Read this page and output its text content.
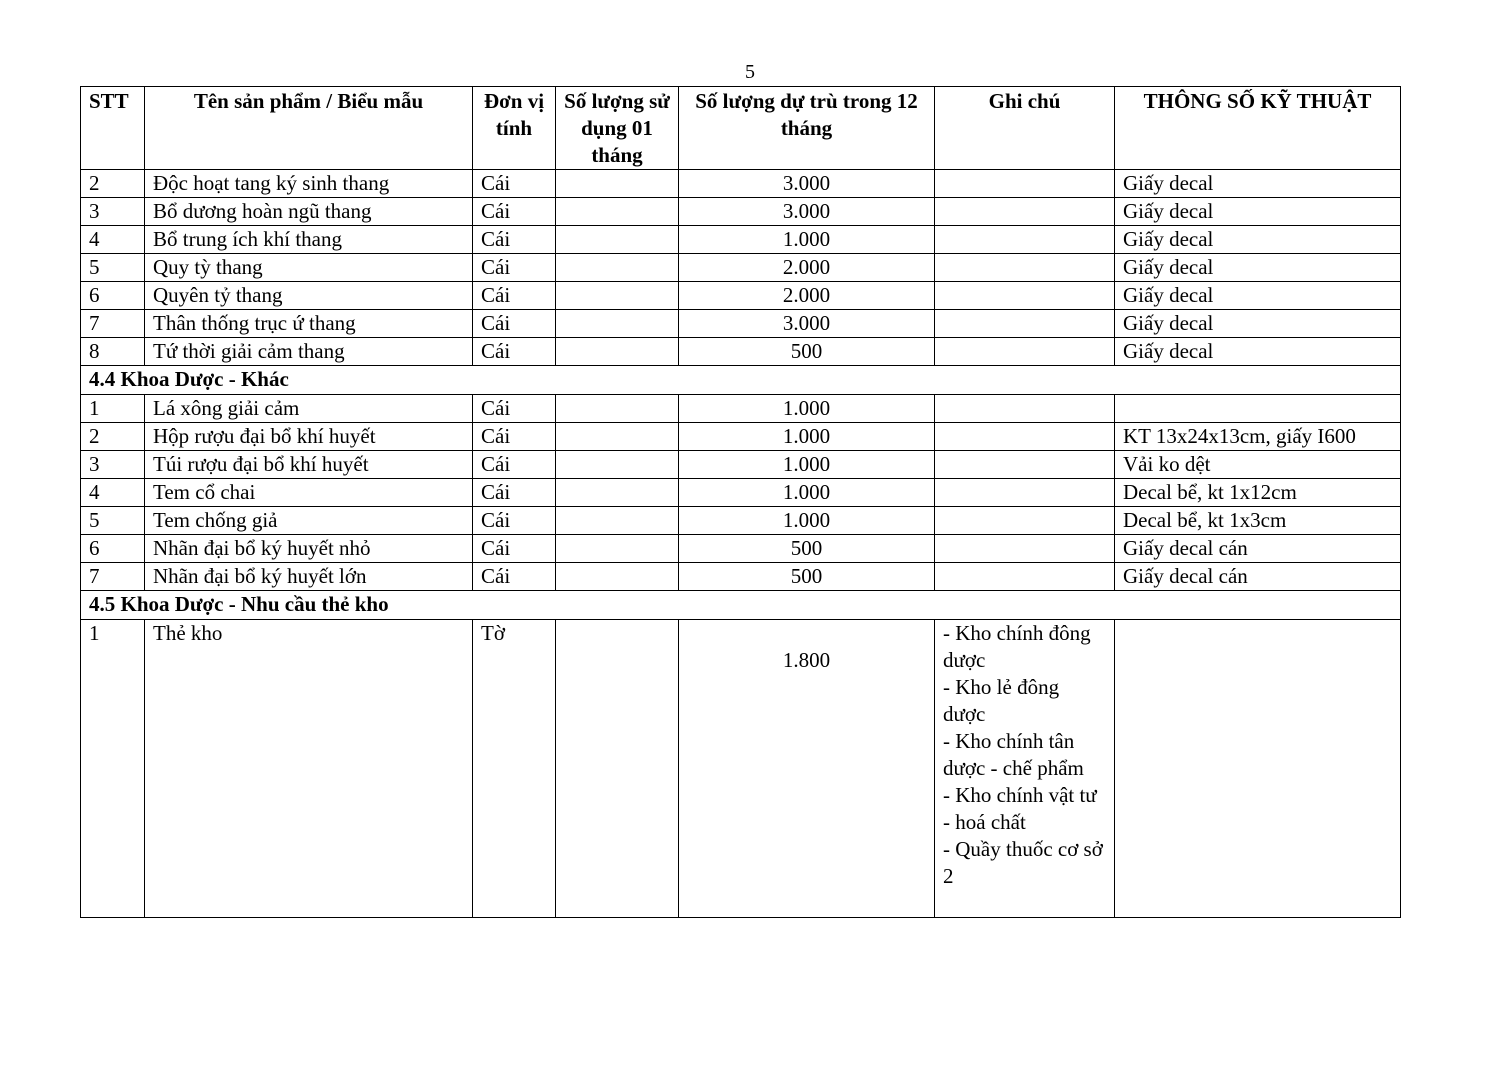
5
STT	Tên sản phẩm / Biểu mẫu	Đơn vị tính	Số lượng sử dụng 01 tháng	Số lượng dự trù trong 12 tháng	Ghi chú	THÔNG SỐ KỸ THUẬT
2	Độc hoạt tang ký sinh thang	Cái		3.000		Giấy decal
3	Bổ dương hoàn ngũ thang	Cái		3.000		Giấy decal
4	Bổ trung ích khí thang	Cái		1.000		Giấy decal
5	Quy tỳ thang	Cái		2.000		Giấy decal
6	Quyên tỷ thang	Cái		2.000		Giấy decal
7	Thân thống trục ứ thang	Cái		3.000		Giấy decal
8	Tứ thời giải cảm thang	Cái		500		Giấy decal
4.4 Khoa Dược - Khác						
1	Lá xông giải cảm	Cái		1.000		
2	Hộp rượu đại bổ khí huyết	Cái		1.000		KT 13x24x13cm, giấy I600
3	Túi rượu đại bổ khí huyết	Cái		1.000		Vải ko dệt
4	Tem cổ chai	Cái		1.000		Decal bể, kt 1x12cm
5	Tem chống giả	Cái		1.000		Decal bể, kt 1x3cm
6	Nhãn đại bổ ký huyết nhỏ	Cái		500		Giấy decal cán
7	Nhãn đại bổ ký huyết lớn	Cái		500		Giấy decal cán
4.5 Khoa Dược - Nhu cầu thẻ kho						
1	Thẻ kho	Tờ		1.800	- Kho chính đông dược
- Kho lẻ đông dược
- Kho chính tân dược - chế phẩm
- Kho chính vật tư - hoá chất
- Quầy thuốc cơ sở 2	
